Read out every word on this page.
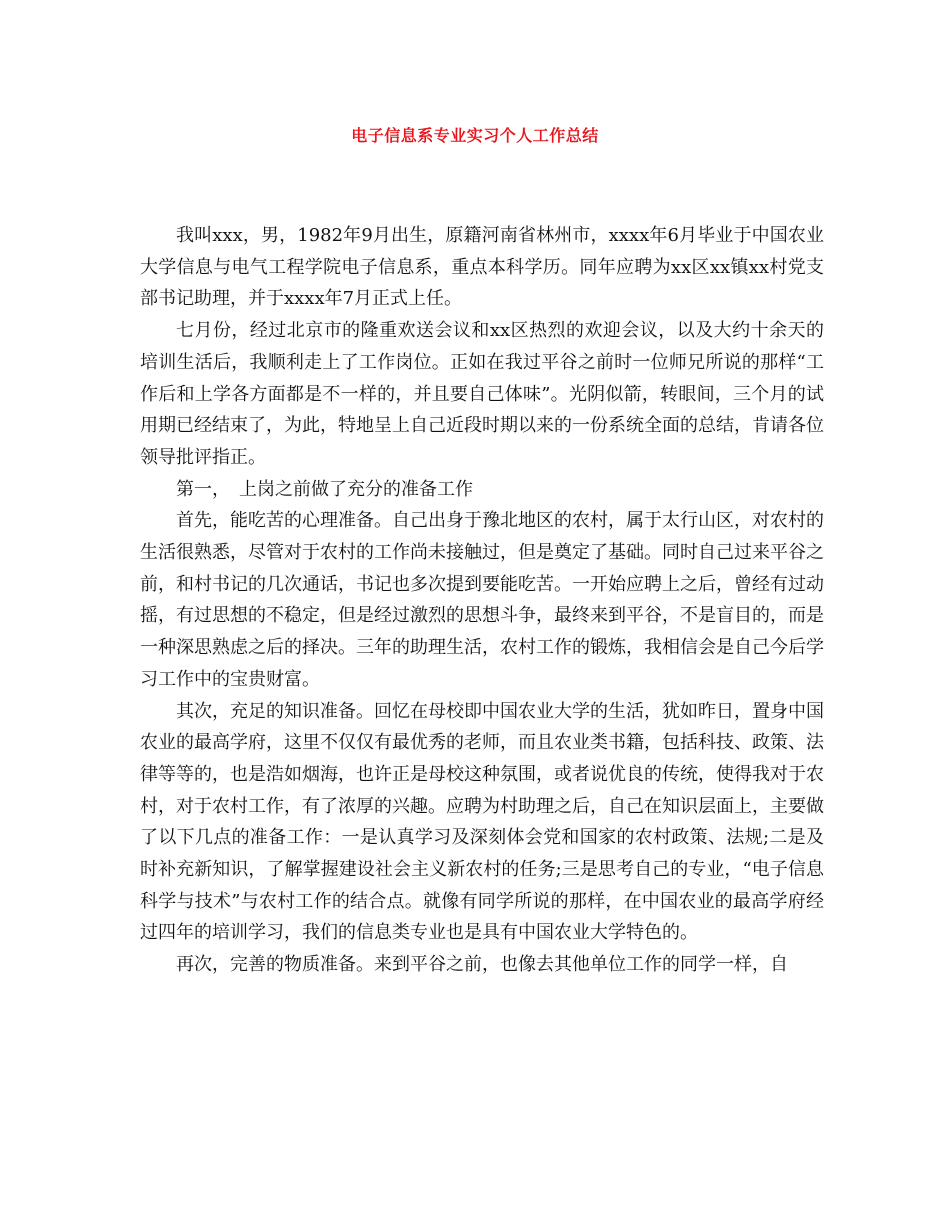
电子信息系专业实习个人工作总结

我叫xxx，男，1982年9月出生，原籍河南省林州市，xxxx年6月毕业于中国农业大学信息与电气工程学院电子信息系，重点本科学历。同年应聘为xx区xx镇xx村党支部书记助理，并于xxxx年7月正式上任。

七月份，经过北京市的隆重欢送会议和xx区热烈的欢迎会议，以及大约十余天的培训生活后，我顺利走上了工作岗位。正如在我过平谷之前时一位师兄所说的那样“工作后和上学各方面都是不一样的，并且要自己体味”。光阴似箭，转眼间，三个月的试用期已经结束了，为此，特地呈上自己近段时期以来的一份系统全面的总结，肯请各位领导批评指正。

第一，　上岗之前做了充分的准备工作

首先，能吃苦的心理准备。自己出身于豫北地区的农村，属于太行山区，对农村的生活很熟悉，尽管对于农村的工作尚未接触过，但是奠定了基础。同时自己过来平谷之前，和村书记的几次通话，书记也多次提到要能吃苦。一开始应聘上之后，曾经有过动摇，有过思想的不稳定，但是经过激烈的思想斗争，最终来到平谷，不是盲目的，而是一种深思熟虑之后的择决。三年的助理生活，农村工作的锻炼，我相信会是自己今后学习工作中的宝贵财富。

其次，充足的知识准备。回忆在母校即中国农业大学的生活，犹如昨日，置身中国农业的最高学府，这里不仅仅有最优秀的老师，而且农业类书籍，包括科技、政策、法律等等的，也是浩如烟海，也许正是母校这种氛围，或者说优良的传统，使得我对于农村，对于农村工作，有了浓厚的兴趣。应聘为村助理之后，自己在知识层面上，主要做了以下几点的准备工作：一是认真学习及深刻体会党和国家的农村政策、法规;二是及时补充新知识，了解掌握建设社会主义新农村的任务;三是思考自己的专业，“电子信息科学与技术”与农村工作的结合点。就像有同学所说的那样，在中国农业的最高学府经过四年的培训学习，我们的信息类专业也是具有中国农业大学特色的。

再次，完善的物质准备。来到平谷之前，也像去其他单位工作的同学一样，自
